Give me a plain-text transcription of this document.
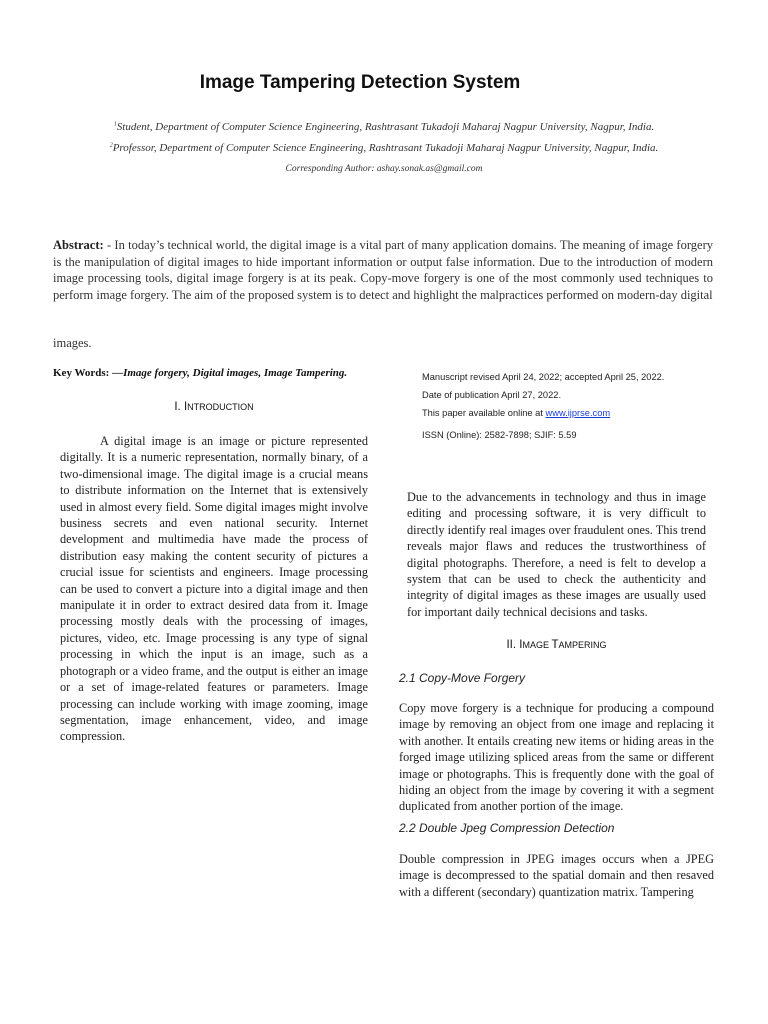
Image Tampering Detection System
$^1$Student, Department of Computer Science Engineering, Rashtrasant Tukadoji Maharaj Nagpur University, Nagpur, India.
$^2$Professor, Department of Computer Science Engineering, Rashtrasant Tukadoji Maharaj Nagpur University, Nagpur, India.
Corresponding Author: ashay.sonak.as@gmail.com
Abstract: - In today’s technical world, the digital image is a vital part of many application domains. The meaning of image forgery is the manipulation of digital images to hide important information or output false information. Due to the introduction of modern image processing tools, digital image forgery is at its peak. Copy-move forgery is one of the most commonly used techniques to perform image forgery. The aim of the proposed system is to detect and highlight the malpractices performed on modern-day digital
images.
Key Words: —Image forgery, Digital images, Image Tampering.
I. INTRODUCTION
A digital image is an image or picture represented digitally. It is a numeric representation, normally binary, of a two-dimensional image. The digital image is a crucial means to distribute information on the Internet that is extensively used in almost every field. Some digital images might involve business secrets and even national security. Internet development and multimedia have made the process of distribution easy making the content security of pictures a crucial issue for scientists and engineers. Image processing can be used to convert a picture into a digital image and then manipulate it in order to extract desired data from it. Image processing mostly deals with the processing of images, pictures, video, etc. Image processing is any type of signal processing in which the input is an image, such as a photograph or a video frame, and the output is either an image or a set of image-related features or parameters. Image processing can include working with image zooming, image segmentation, image enhancement, video, and image compression.
Manuscript revised April 24, 2022; accepted April 25, 2022.
Date of publication April 27, 2022.
This paper available online at www.ijprse.com
ISSN (Online): 2582-7898; SJIF: 5.59
Due to the advancements in technology and thus in image editing and processing software, it is very difficult to directly identify real images over fraudulent ones. This trend reveals major flaws and reduces the trustworthiness of digital photographs. Therefore, a need is felt to develop a system that can be used to check the authenticity and integrity of digital images as these images are usually used for important daily technical decisions and tasks.
II. IMAGE TAMPERING
2.1 Copy-Move Forgery
Copy move forgery is a technique for producing a compound image by removing an object from one image and replacing it with another. It entails creating new items or hiding areas in the forged image utilizing spliced areas from the same or different image or photographs. This is frequently done with the goal of hiding an object from the image by covering it with a segment duplicated from another portion of the image.
2.2 Double Jpeg Compression Detection
Double compression in JPEG images occurs when a JPEG image is decompressed to the spatial domain and then resaved with a different (secondary) quantization matrix. Tampering
